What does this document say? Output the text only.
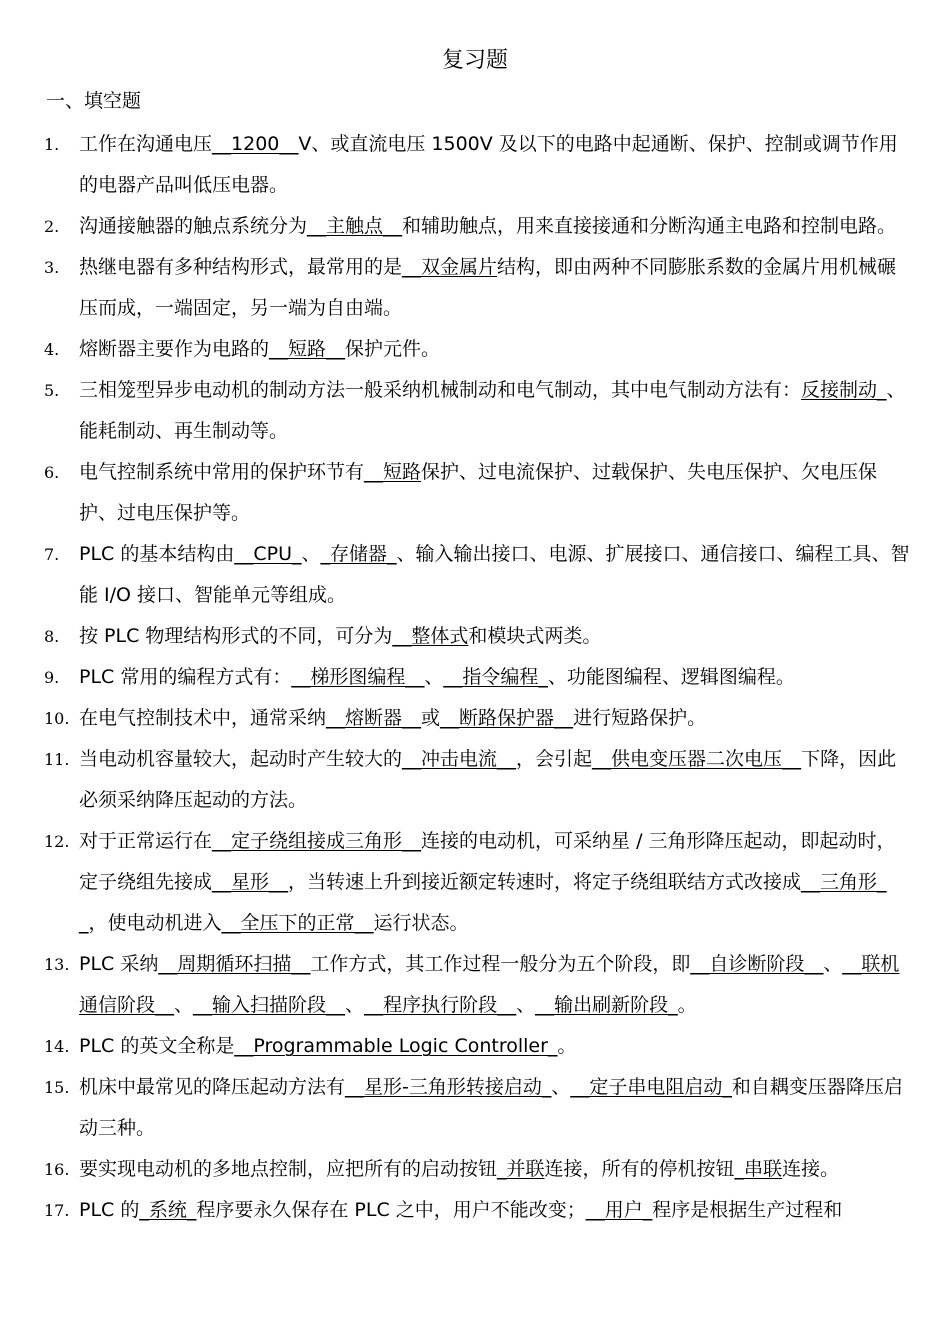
复习题
一、填空题
1. 工作在沟通电压__1200__V、或直流电压 1500V 及以下的电路中起通断、保护、控制或调节作用的电器产品叫低压电器。
2. 沟通接触器的触点系统分为__主触点__和辅助触点，用来直接接通和分断沟通主电路和控制电路。
3. 热继电器有多种结构形式，最常用的是__双金属片结构，即由两种不同膨胀系数的金属片用机械碾压而成，一端固定，另一端为自由端。
4. 熔断器主要作为电路的__短路__保护元件。
5. 三相笼型异步电动机的制动方法一般采纳机械制动和电气制动，其中电气制动方法有：反接制动_、能耗制动、再生制动等。
6. 电气控制系统中常用的保护环节有__短路保护、过电流保护、过载保护、失电压保护、欠电压保护、过电压保护等。
7. PLC 的基本结构由__CPU_、_存储器_、输入输出接口、电源、扩展接口、通信接口、编程工具、智能 I/O 接口、智能单元等组成。
8. 按 PLC 物理结构形式的不同，可分为__整体式和模块式两类。
9. PLC 常用的编程方式有：__梯形图编程__、__指令编程_、功能图编程、逻辑图编程。
10. 在电气控制技术中，通常采纳__熔断器__或__断路保护器__进行短路保护。
11. 当电动机容量较大，起动时产生较大的__冲击电流__，会引起__供电变压器二次电压__下降，因此必须采纳降压起动的方法。
12. 对于正常运行在__定子绕组接成三角形__连接的电动机，可采纳星 / 三角形降压起动，即起动时，定子绕组先接成__星形__，当转速上升到接近额定转速时，将定子绕组联结方式改接成__三角形__，使电动机进入__全压下的正常__运行状态。
13. PLC 采纳__周期循环扫描__工作方式，其工作过程一般分为五个阶段，即__自诊断阶段__、__联机通信阶段__、__输入扫描阶段__、__程序执行阶段__、__输出刷新阶段_。
14. PLC 的英文全称是__Programmable Logic Controller_。
15. 机床中最常见的降压起动方法有__星形-三角形转接启动_、__定子串电阻启动_和自耦变压器降压启动三种。
16. 要实现电动机的多地点控制，应把所有的启动按钮_并联连接，所有的停机按钮_串联连接。
17. PLC 的_系统_程序要永久保存在 PLC 之中，用户不能改变；__用户_程序是根据生产过程和
